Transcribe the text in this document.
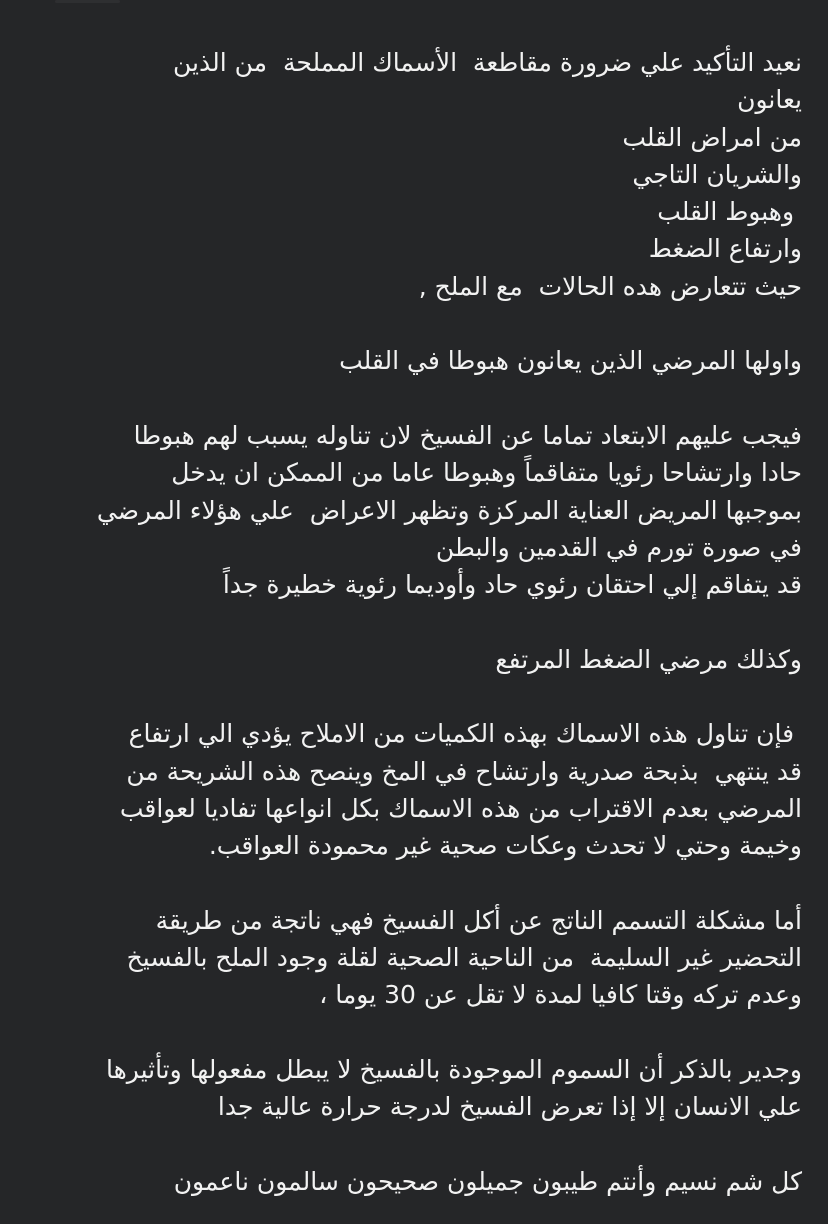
نعيد التأكيد علي ضرورة مقاطعة  الأسماك المملحة  من الذين
يعانون
من امراض القلب
والشريان التاجي
وهبوط القلب
وارتفاع الضغط
حيث تتعارض هده الحالات  مع الملح ,
واولها المرضي الذين يعانون هبوطا في القلب
فيجب عليهم الابتعاد تماما عن الفسيخ لان تناوله يسبب لهم هبوطا
حادا وارتشاحا رئويا متفاقماً وهبوطا عاما من الممكن ان يدخل
بموجبها المريض العناية المركزة وتظهر الاعراض  علي هؤلاء المرضي
في صورة تورم في القدمين والبطن
قد يتفاقم إلي احتقان رئوي حاد وأوديما رئوية خطيرة جداً
وكذلك مرضي الضغط المرتفع
فإن تناول هذه الاسماك بهذه الكميات من الاملاح يؤدي الي ارتفاع
قد ينتهي  بذبحة صدرية وارتشاح في المخ وينصح هذه الشريحة من
المرضي بعدم الاقتراب من هذه الاسماك بكل انواعها تفاديا لعواقب
وخيمة وحتي لا تحدث وعكات صحية غير محمودة العواقب.
أما مشكلة التسمم الناتج عن أكل الفسيخ فهي ناتجة من طريقة
التحضير غير السليمة  من الناحية الصحية لقلة وجود الملح بالفسيخ
وعدم تركه وقتا كافيا لمدة لا تقل عن 30 يوما ،
وجدير بالذكر أن السموم الموجودة بالفسيخ لا يبطل مفعولها وتأثيرها
علي الانسان إلا إذا تعرض الفسيخ لدرجة حرارة عالية جدا
كل شم نسيم وأنتم طيبون جميلون صحيحون سالمون ناعمون
